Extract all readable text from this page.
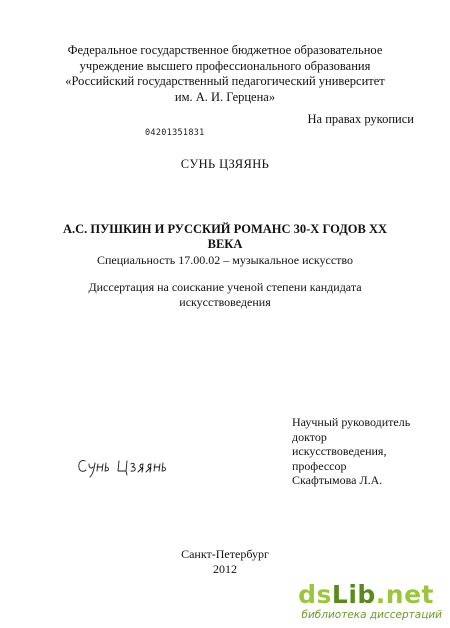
Федеральное государственное бюджетное образовательное
учреждение высшего профессионального образования
«Российский государственный педагогический университет
им. А. И. Герцена»
На правах рукописи
04201351831
СУНЬ ЦЗЯЯНЬ
А.С. ПУШКИН И РУССКИЙ РОМАНС 30-Х ГОДОВ XX
ВЕКА
Специальность 17.00.02 – музыкальное искусство
Диссертация на соискание ученой степени кандидата
искусствоведения
Научный руководитель
доктор
искусствоведения,
профессор
Скафтымова Л.А.
Санкт-Петербург
2012
dsLib.net
библиотека диссертаций
